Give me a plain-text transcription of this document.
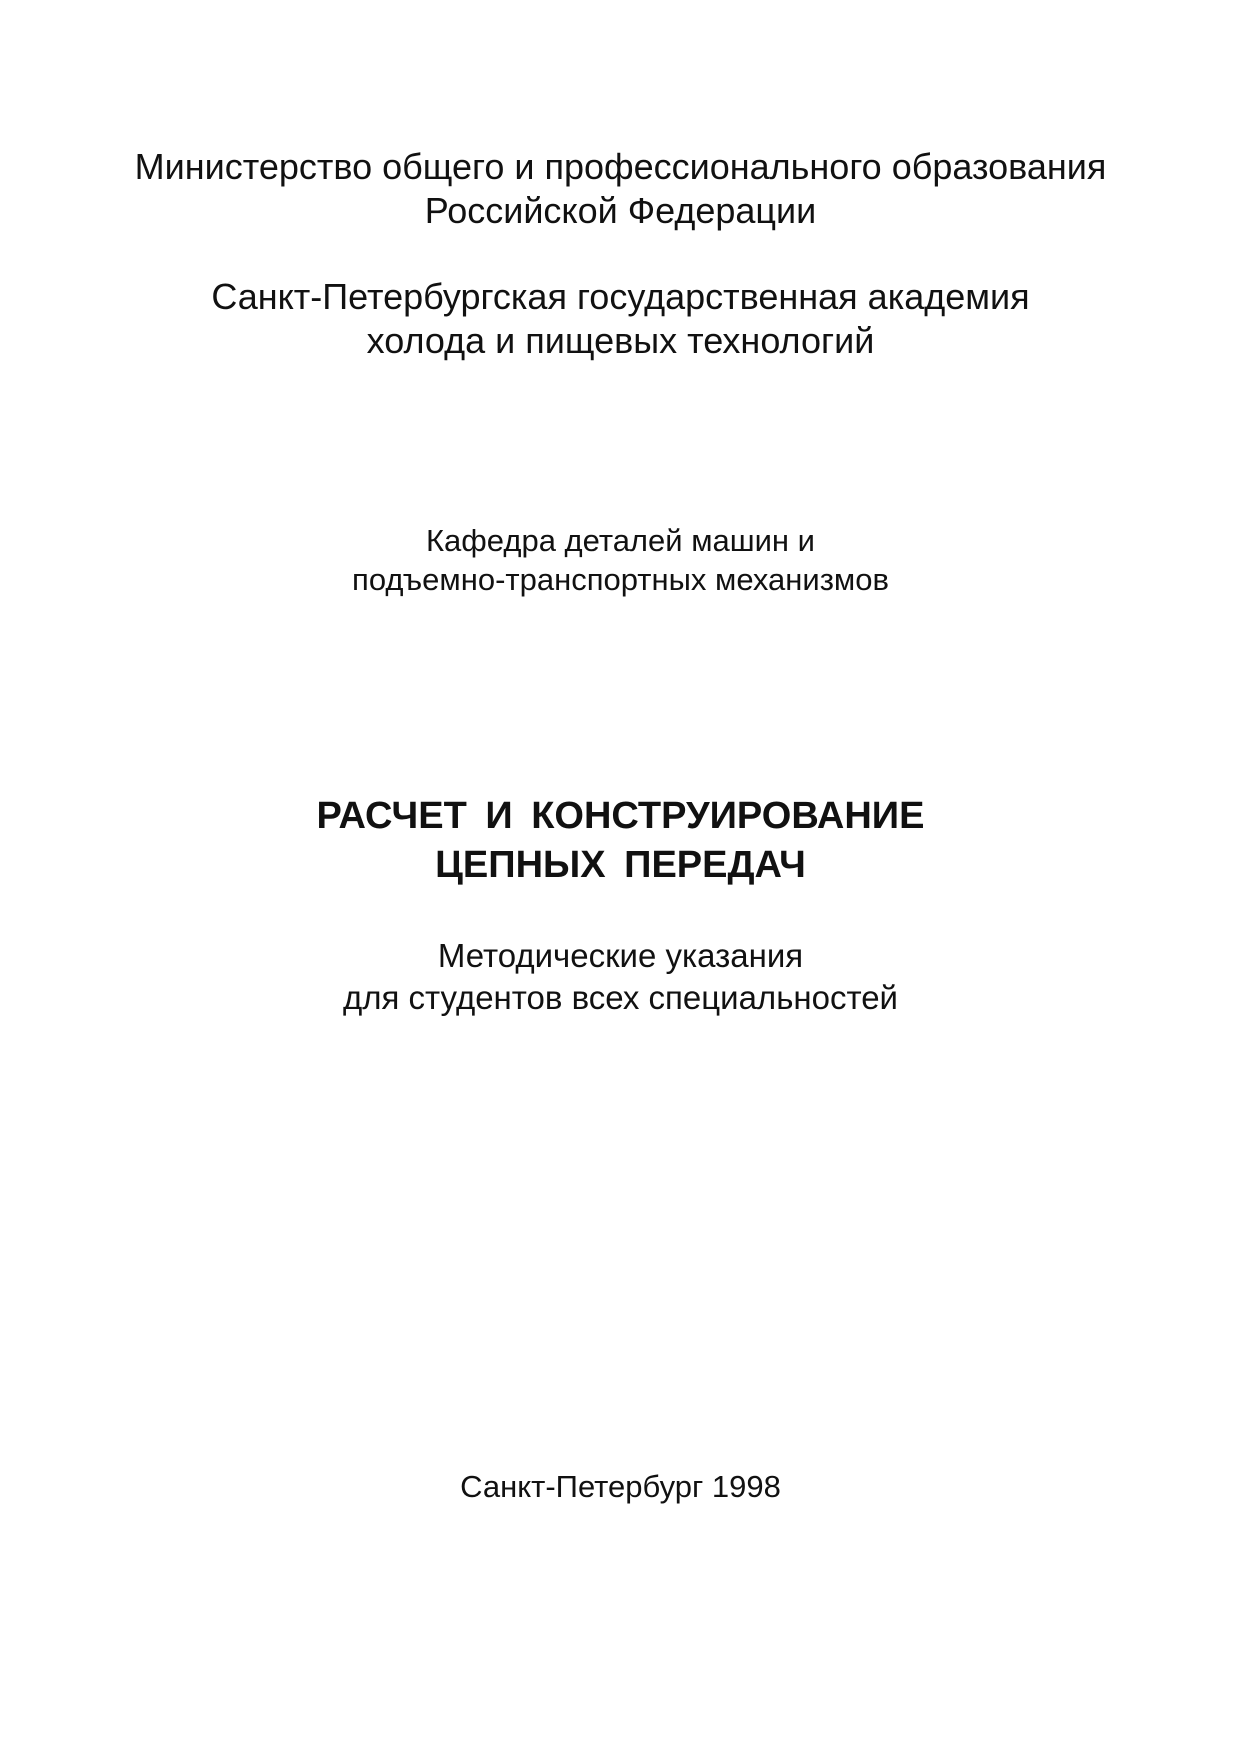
Министерство общего и профессионального образования
Российской Федерации
Санкт-Петербургская государственная академия
холода и пищевых технологий
Кафедра деталей машин и
подъемно-транспортных механизмов
РАСЧЕТ И КОНСТРУИРОВАНИЕ
ЦЕПНЫХ ПЕРЕДАЧ
Методические указания
для студентов всех специальностей
Санкт-Петербург 1998
